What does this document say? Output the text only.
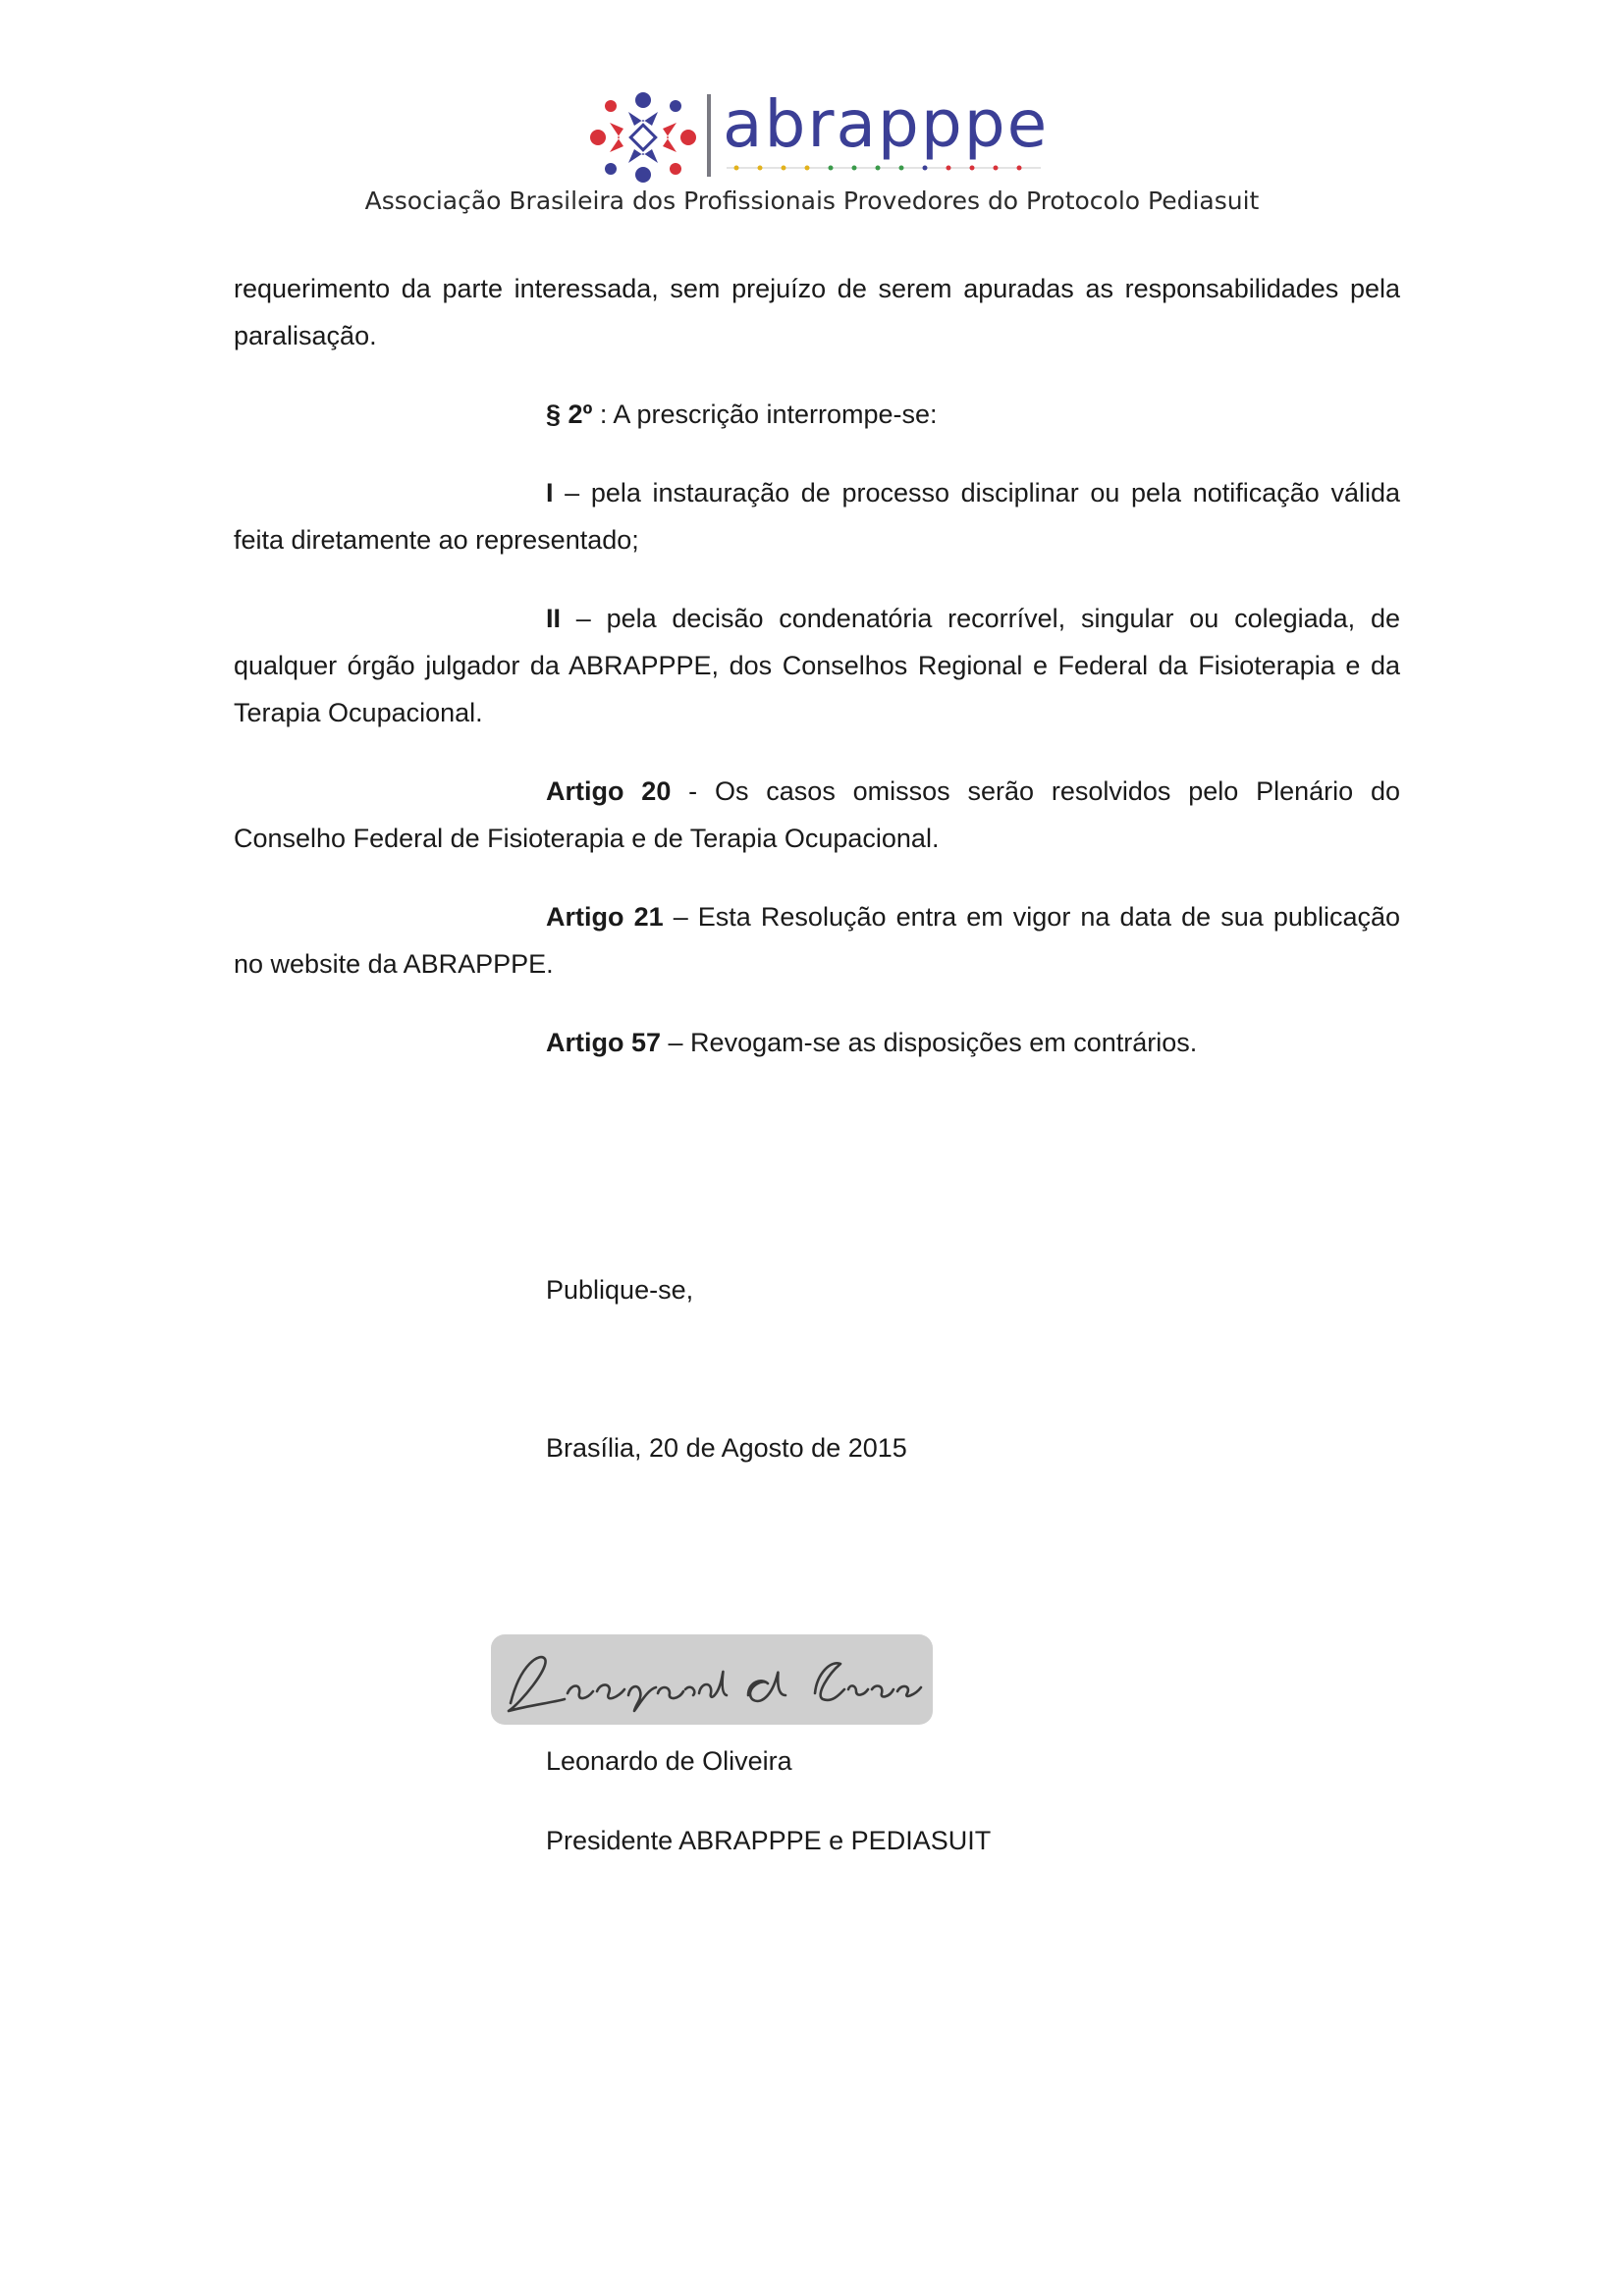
abrapppe
Associação Brasileira dos Profissionais Provedores do Protocolo Pediasuit

requerimento da parte interessada, sem prejuízo de serem apuradas as responsabilidades pela paralisação.

§ 2º : A prescrição interrompe-se:

I – pela instauração de processo disciplinar ou pela notificação válida feita diretamente ao representado;

II – pela decisão condenatória recorrível, singular ou colegiada, de qualquer órgão julgador da ABRAPPPE, dos Conselhos Regional e Federal da Fisioterapia e da Terapia Ocupacional.

Artigo 20 - Os casos omissos serão resolvidos pelo Plenário do Conselho Federal de Fisioterapia e de Terapia Ocupacional.

Artigo 21 – Esta Resolução entra em vigor na data de sua publicação no website da ABRAPPPE.

Artigo 57 – Revogam-se as disposições em contrários.

Publique-se,
Brasília, 20 de Agosto de 2015
Leonardo de Oliveira
Presidente ABRAPPPE e PEDIASUIT
